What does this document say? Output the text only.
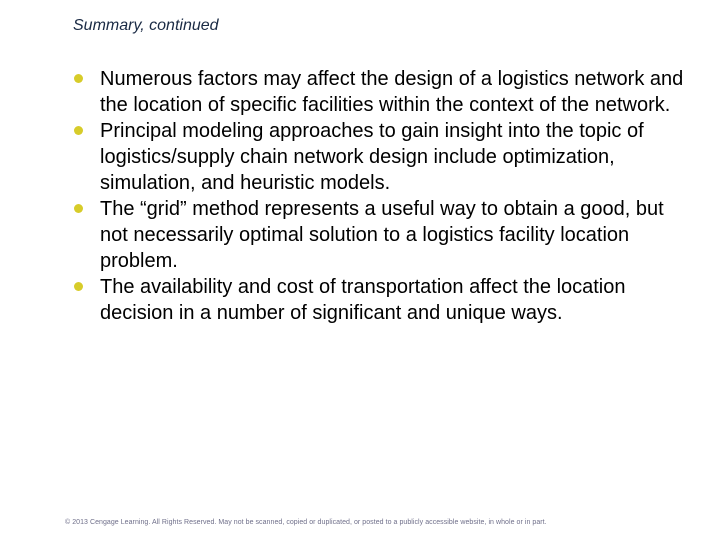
Summary, continued
Numerous factors may affect the design of a logistics network and the location of specific facilities within the context of the network.
Principal modeling approaches to gain insight into the topic of logistics/supply chain network design include optimization, simulation, and heuristic models.
The “grid” method represents a useful way to obtain a good, but not necessarily optimal solution to a logistics facility location problem.
The availability and cost of transportation affect the location decision in a number of significant and unique ways.
© 2013 Cengage Learning. All Rights Reserved. May not be scanned, copied or duplicated, or posted to a publicly accessible website, in whole or in part.
